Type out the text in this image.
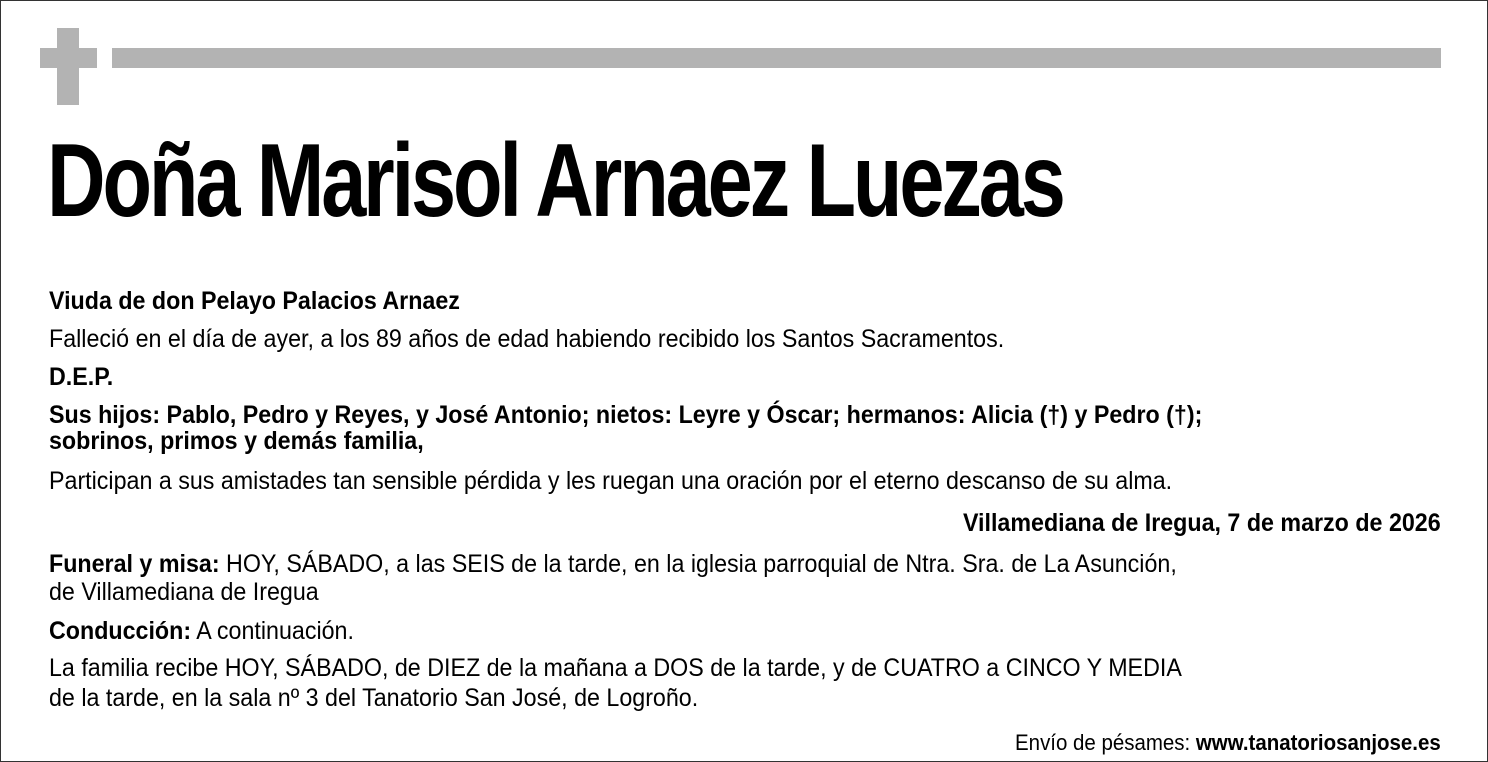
Doña Marisol Arnaez Luezas
Viuda de don Pelayo Palacios Arnaez
Falleció en el día de ayer, a los 89 años de edad habiendo recibido los Santos Sacramentos.
D.E.P.
Sus hijos: Pablo, Pedro y Reyes, y José Antonio; nietos: Leyre y Óscar; hermanos: Alicia (†) y Pedro (†);
sobrinos, primos y demás familia,
Participan a sus amistades tan sensible pérdida y les ruegan una oración por el eterno descanso de su alma.
Villamediana de Iregua, 7 de marzo de 2026
Funeral y misa: HOY, SÁBADO, a las SEIS de la tarde, en la iglesia parroquial de Ntra. Sra. de La Asunción,
de Villamediana de Iregua
Conducción: A continuación.
La familia recibe HOY, SÁBADO, de DIEZ de la mañana a DOS de la tarde, y de CUATRO a CINCO Y MEDIA
de la tarde, en la sala nº 3 del Tanatorio San José, de Logroño.
Envío de pésames: www.tanatoriosanjose.es
